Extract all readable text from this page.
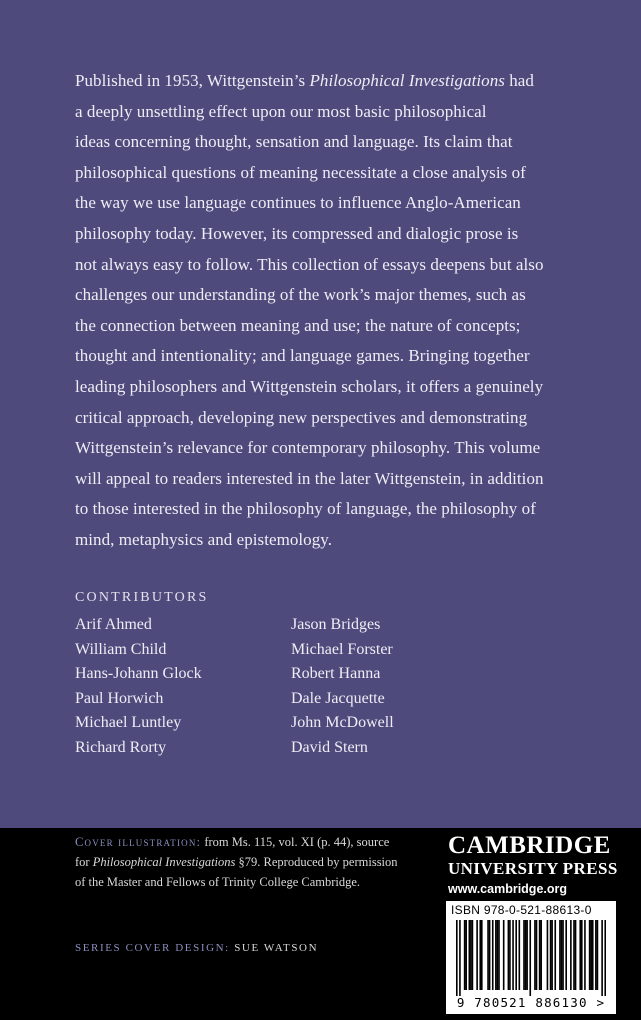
Published in 1953, Wittgenstein’s Philosophical Investigations had
a deeply unsettling effect upon our most basic philosophical
ideas concerning thought, sensation and language. Its claim that
philosophical questions of meaning necessitate a close analysis of
the way we use language continues to influence Anglo-American
philosophy today. However, its compressed and dialogic prose is
not always easy to follow. This collection of essays deepens but also
challenges our understanding of the work’s major themes, such as
the connection between meaning and use; the nature of concepts;
thought and intentionality; and language games. Bringing together
leading philosophers and Wittgenstein scholars, it offers a genuinely
critical approach, developing new perspectives and demonstrating
Wittgenstein’s relevance for contemporary philosophy. This volume
will appeal to readers interested in the later Wittgenstein, in addition
to those interested in the philosophy of language, the philosophy of
mind, metaphysics and epistemology.
CONTRIBUTORS
Arif Ahmed
William Child
Hans-Johann Glock
Paul Horwich
Michael Luntley
Richard Rorty
Jason Bridges
Michael Forster
Robert Hanna
Dale Jacquette
John McDowell
David Stern
Cover illustration: from Ms. 115, vol. XI (p. 44), source
for Philosophical Investigations §79. Reproduced by permission
of the Master and Fellows of Trinity College Cambridge.
SERIES COVER DESIGN: SUE WATSON
CAMBRIDGE
UNIVERSITY PRESS
www.cambridge.org
ISBN 978-0-521-88613-0
9 780521 886130 >
